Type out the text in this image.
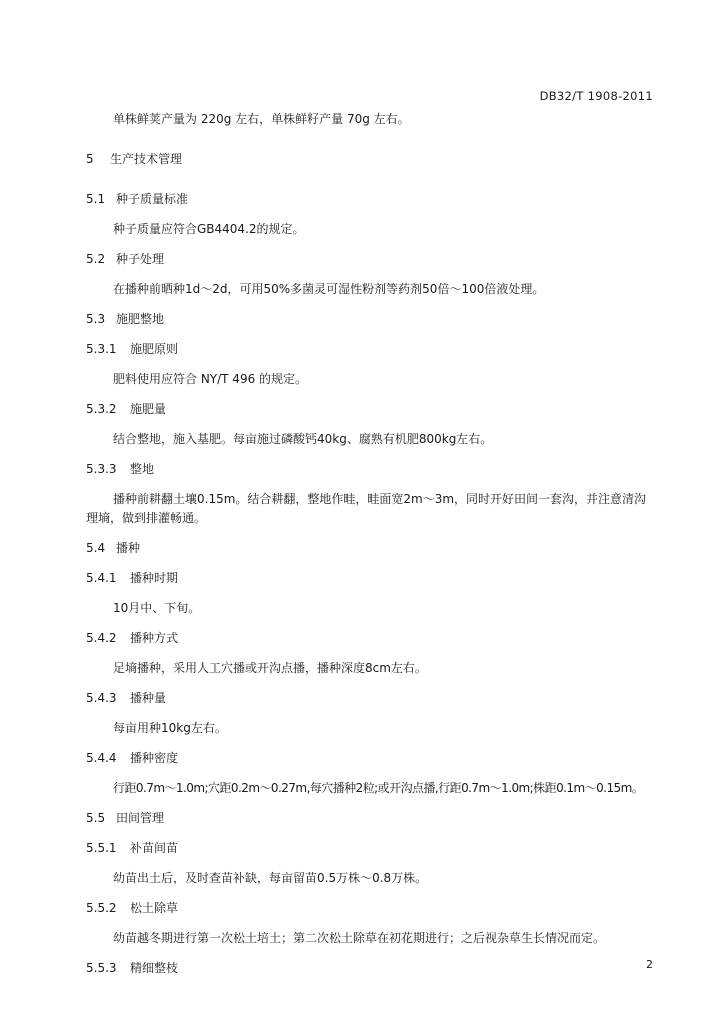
DB32/T 1908-2011

单株鲜荚产量为 220g 左右，单株鲜籽产量 70g 左右。

5 生产技术管理
5.1 种子质量标准

种子质量应符合GB4404.2的规定。

5.2 种子处理

在播种前晒种1d～2d，可用50%多菌灵可湿性粉剂等药剂50倍～100倍液处理。

5.3 施肥整地
5.3.1 施肥原则

肥料使用应符合 NY/T 496 的规定。

5.3.2 施肥量

结合整地，施入基肥。每亩施过磷酸钙40kg、腐熟有机肥800kg左右。

5.3.3 整地

播种前耕翻土壤0.15m。结合耕翻，整地作畦，畦面宽2m～3m，同时开好田间一套沟，并注意清沟理墒，做到排灌畅通。

5.4 播种
5.4.1 播种时期

10月中、下旬。

5.4.2 播种方式

足墒播种，采用人工穴播或开沟点播，播种深度8cm左右。

5.4.3 播种量

每亩用种10kg左右。

5.4.4 播种密度

行距0.7m～1.0m;穴距0.2m～0.27m,每穴播种2粒;或开沟点播,行距0.7m～1.0m;株距0.1m～0.15m。

5.5 田间管理
5.5.1 补苗间苗

幼苗出土后，及时查苗补缺，每亩留苗0.5万株～0.8万株。

5.5.2 松土除草

幼苗越冬期进行第一次松土培土；第二次松土除草在初花期进行；之后视杂草生长情况而定。

5.5.3 精细整枝	2
